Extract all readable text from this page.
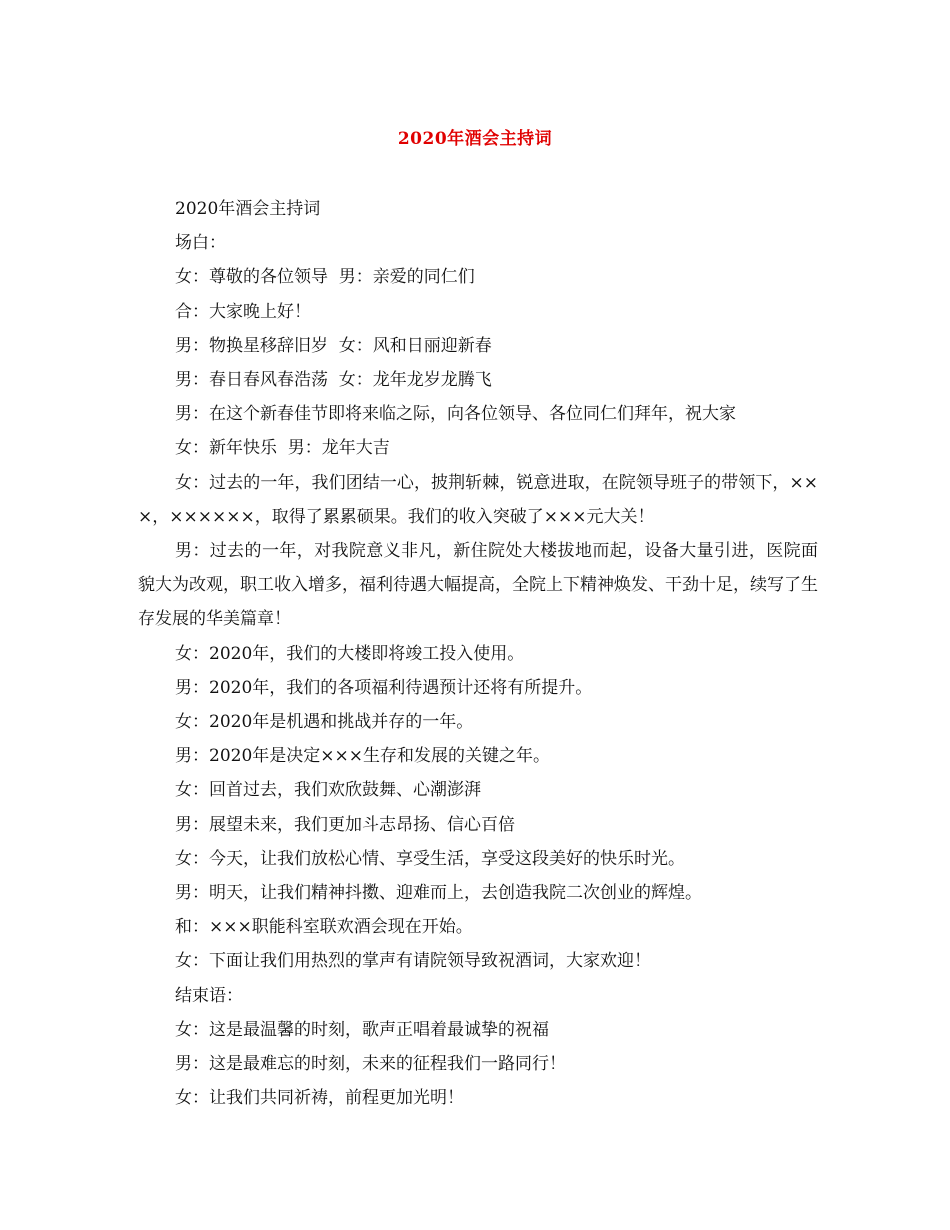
2020年酒会主持词

2020年酒会主持词

场白：

女：尊敬的各位领导  男：亲爱的同仁们

合：大家晚上好！

男：物换星移辞旧岁  女：风和日丽迎新春

男：春日春风春浩荡  女：龙年龙岁龙腾飞

男：在这个新春佳节即将来临之际，向各位领导、各位同仁们拜年，祝大家

女：新年快乐  男：龙年大吉

女：过去的一年，我们团结一心，披荆斩棘，锐意进取，在院领导班子的带领下，×××，××××××，取得了累累硕果。我们的收入突破了×××元大关！

男：过去的一年，对我院意义非凡，新住院处大楼拔地而起，设备大量引进，医院面貌大为改观，职工收入增多，福利待遇大幅提高，全院上下精神焕发、干劲十足，续写了生存发展的华美篇章！

女：2020年，我们的大楼即将竣工投入使用。

男：2020年，我们的各项福利待遇预计还将有所提升。

女：2020年是机遇和挑战并存的一年。

男：2020年是决定×××生存和发展的关键之年。

女：回首过去，我们欢欣鼓舞、心潮澎湃

男：展望未来，我们更加斗志昂扬、信心百倍

女：今天，让我们放松心情、享受生活，享受这段美好的快乐时光。

男：明天，让我们精神抖擞、迎难而上，去创造我院二次创业的辉煌。

和：×××职能科室联欢酒会现在开始。

女：下面让我们用热烈的掌声有请院领导致祝酒词，大家欢迎！

结束语：

女：这是最温馨的时刻，歌声正唱着最诚挚的祝福

男：这是最难忘的时刻，未来的征程我们一路同行！

女：让我们共同祈祷，前程更加光明！
